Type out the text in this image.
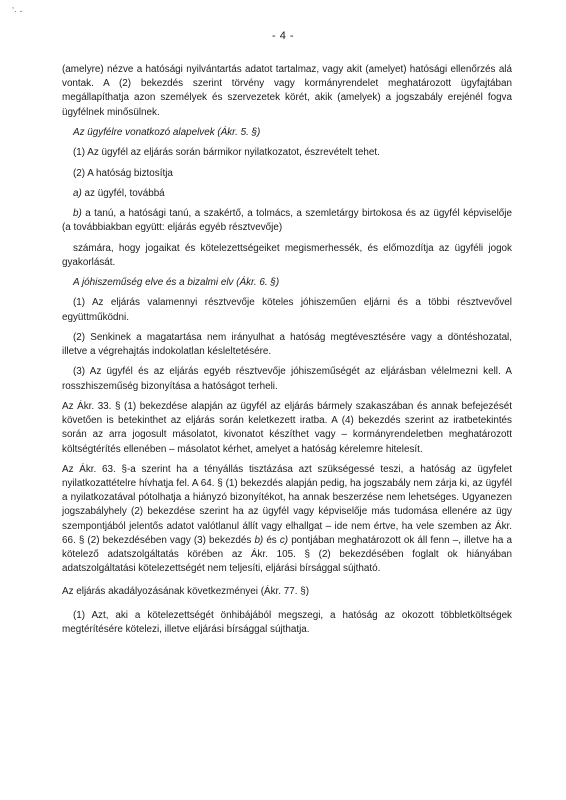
ʼ· -
- 4 -

(amelyre) nézve a hatósági nyilvántartás adatot tartalmaz, vagy akit (amelyet) hatósági ellenőrzés alá vontak. A (2) bekezdés szerint törvény vagy kormányrendelet meghatározott ügyfajtában megállapíthatja azon személyek és szervezetek körét, akik (amelyek) a jogszabály erejénél fogva ügyfélnek minősülnek.

Az ügyfélre vonatkozó alapelvek (Ákr. 5. §)

(1) Az ügyfél az eljárás során bármikor nyilatkozatot, észrevételt tehet.

(2) A hatóság biztosítja

a) az ügyfél, továbbá

b) a tanú, a hatósági tanú, a szakértő, a tolmács, a szemletárgy birtokosa és az ügyfél képviselője (a továbbiakban együtt: eljárás egyéb résztvevője)

számára, hogy jogaikat és kötelezettségeiket megismerhessék, és előmozdítja az ügyféli jogok gyakorlását.

A jóhiszeműség elve és a bizalmi elv (Ákr. 6. §)

(1) Az eljárás valamennyi résztvevője köteles jóhiszeműen eljárni és a többi résztvevővel együttműködni.

(2) Senkinek a magatartása nem irányulhat a hatóság megtévesztésére vagy a döntéshozatal, illetve a végrehajtás indokolatlan késleltetésére.

(3) Az ügyfél és az eljárás egyéb résztvevője jóhiszeműségét az eljárásban vélelmezni kell. A rosszhiszeműség bizonyítása a hatóságot terheli.

Az Ákr. 33. § (1) bekezdése alapján az ügyfél az eljárás bármely szakaszában és annak befejezését követően is betekinthet az eljárás során keletkezett iratba. A (4) bekezdés szerint az iratbetekintés során az arra jogosult másolatot, kivonatot készíthet vagy – kormányrendeletben meghatározott költségtérítés ellenében – másolatot kérhet, amelyet a hatóság kérelemre hitelesít.

Az Ákr. 63. §-a szerint ha a tényállás tisztázása azt szükségessé teszi, a hatóság az ügyfelet nyilatkozattételre hívhatja fel. A 64. § (1) bekezdés alapján pedig, ha jogszabály nem zárja ki, az ügyfél a nyilatkozatával pótolhatja a hiányzó bizonyítékot, ha annak beszerzése nem lehetséges. Ugyanezen jogszabályhely (2) bekezdése szerint ha az ügyfél vagy képviselője más tudomása ellenére az ügy szempontjából jelentős adatot valótlanul állít vagy elhallgat – ide nem értve, ha vele szemben az Ákr. 66. § (2) bekezdésében vagy (3) bekezdés b) és c) pontjában meghatározott ok áll fenn –, illetve ha a kötelező adatszolgáltatás körében az Ákr. 105. § (2) bekezdésében foglalt ok hiányában adatszolgáltatási kötelezettségét nem teljesíti, eljárási bírsággal sújtható.

Az eljárás akadályozásának következményei (Ákr. 77. §)

(1) Azt, aki a kötelezettségét önhibájából megszegi, a hatóság az okozott többletköltségek megtérítésére kötelezi, illetve eljárási bírsággal sújthatja.
